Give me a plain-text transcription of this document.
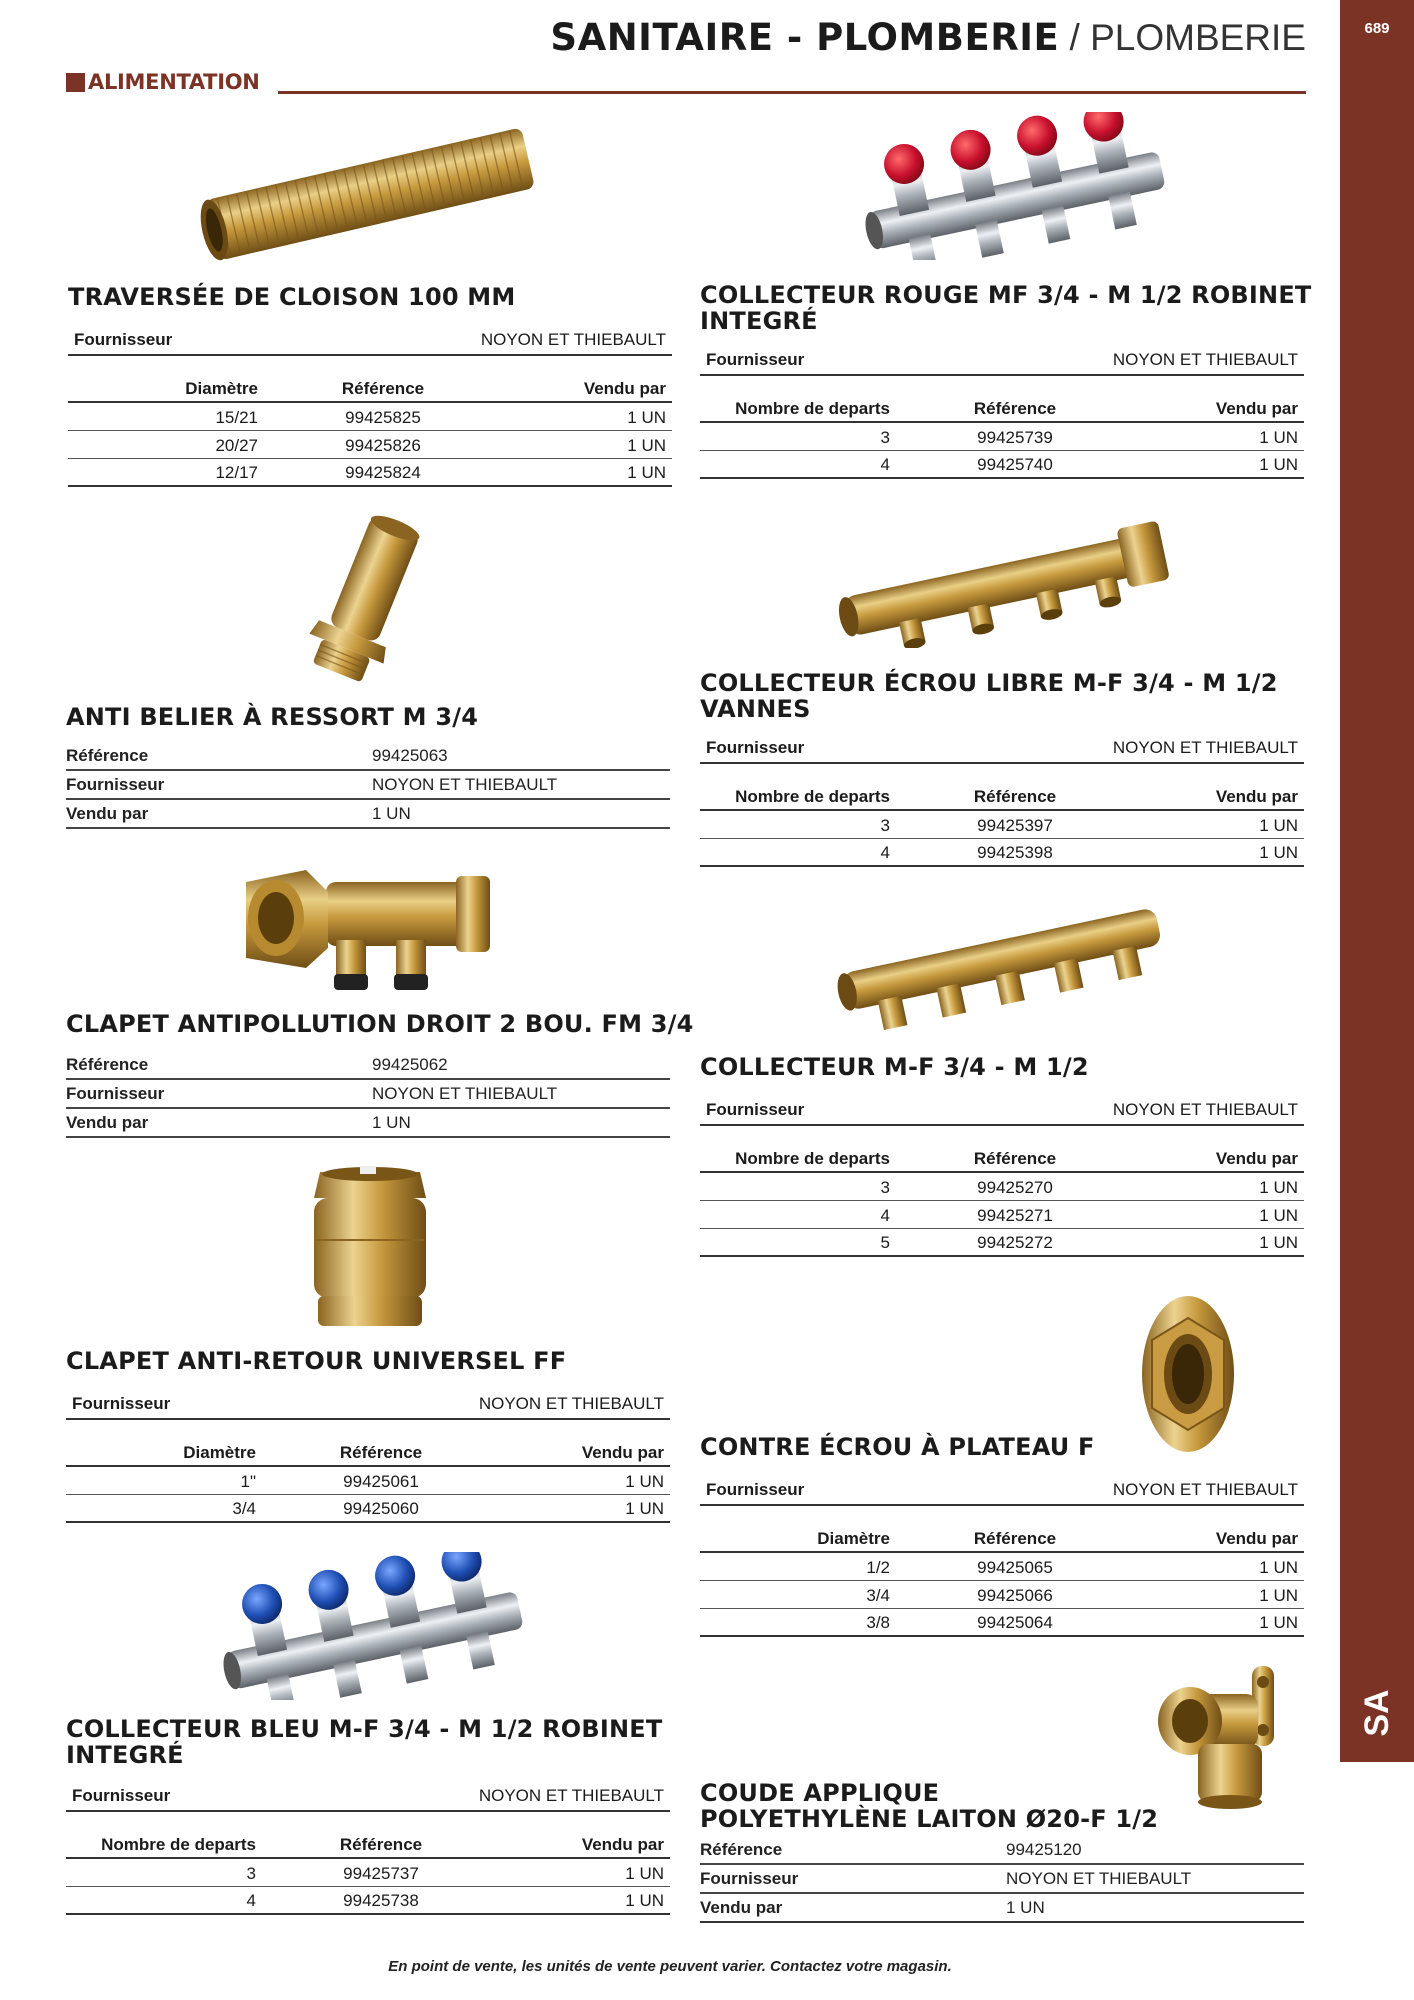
689
SA
SANITAIRE - PLOMBERIE / PLOMBERIE
ALIMENTATION
TRAVERSÉE DE CLOISON 100 MM
Fournisseur	NOYON ET THIEBAULT
Diamètre	Référence	Vendu par
15/21	99425825	1 UN
20/27	99425826	1 UN
12/17	99425824	1 UN
ANTI BELIER À RESSORT M 3/4
Référence	99425063
Fournisseur	NOYON ET THIEBAULT
Vendu par	1 UN
CLAPET ANTIPOLLUTION DROIT 2 BOU. FM 3/4
Référence	99425062
Fournisseur	NOYON ET THIEBAULT
Vendu par	1 UN
CLAPET ANTI-RETOUR UNIVERSEL FF
Fournisseur	NOYON ET THIEBAULT
Diamètre	Référence	Vendu par
1"	99425061	1 UN
3/4	99425060	1 UN
COLLECTEUR BLEU M-F 3/4 - M 1/2 ROBINET
INTEGRÉ
Fournisseur	NOYON ET THIEBAULT
Nombre de departs	Référence	Vendu par
3	99425737	1 UN
4	99425738	1 UN
COLLECTEUR ROUGE MF 3/4 - M 1/2 ROBINET
INTEGRÉ
Fournisseur	NOYON ET THIEBAULT
Nombre de departs	Référence	Vendu par
3	99425739	1 UN
4	99425740	1 UN
COLLECTEUR ÉCROU LIBRE M-F 3/4 - M 1/2
VANNES
Fournisseur	NOYON ET THIEBAULT
Nombre de departs	Référence	Vendu par
3	99425397	1 UN
4	99425398	1 UN
COLLECTEUR M-F 3/4 - M 1/2
Fournisseur	NOYON ET THIEBAULT
Nombre de departs	Référence	Vendu par
3	99425270	1 UN
4	99425271	1 UN
5	99425272	1 UN
CONTRE ÉCROU À PLATEAU F
Fournisseur	NOYON ET THIEBAULT
Diamètre	Référence	Vendu par
1/2	99425065	1 UN
3/4	99425066	1 UN
3/8	99425064	1 UN
COUDE APPLIQUE
POLYETHYLÈNE LAITON Ø20-F 1/2
Référence	99425120
Fournisseur	NOYON ET THIEBAULT
Vendu par	1 UN
En point de vente, les unités de vente peuvent varier. Contactez votre magasin.
